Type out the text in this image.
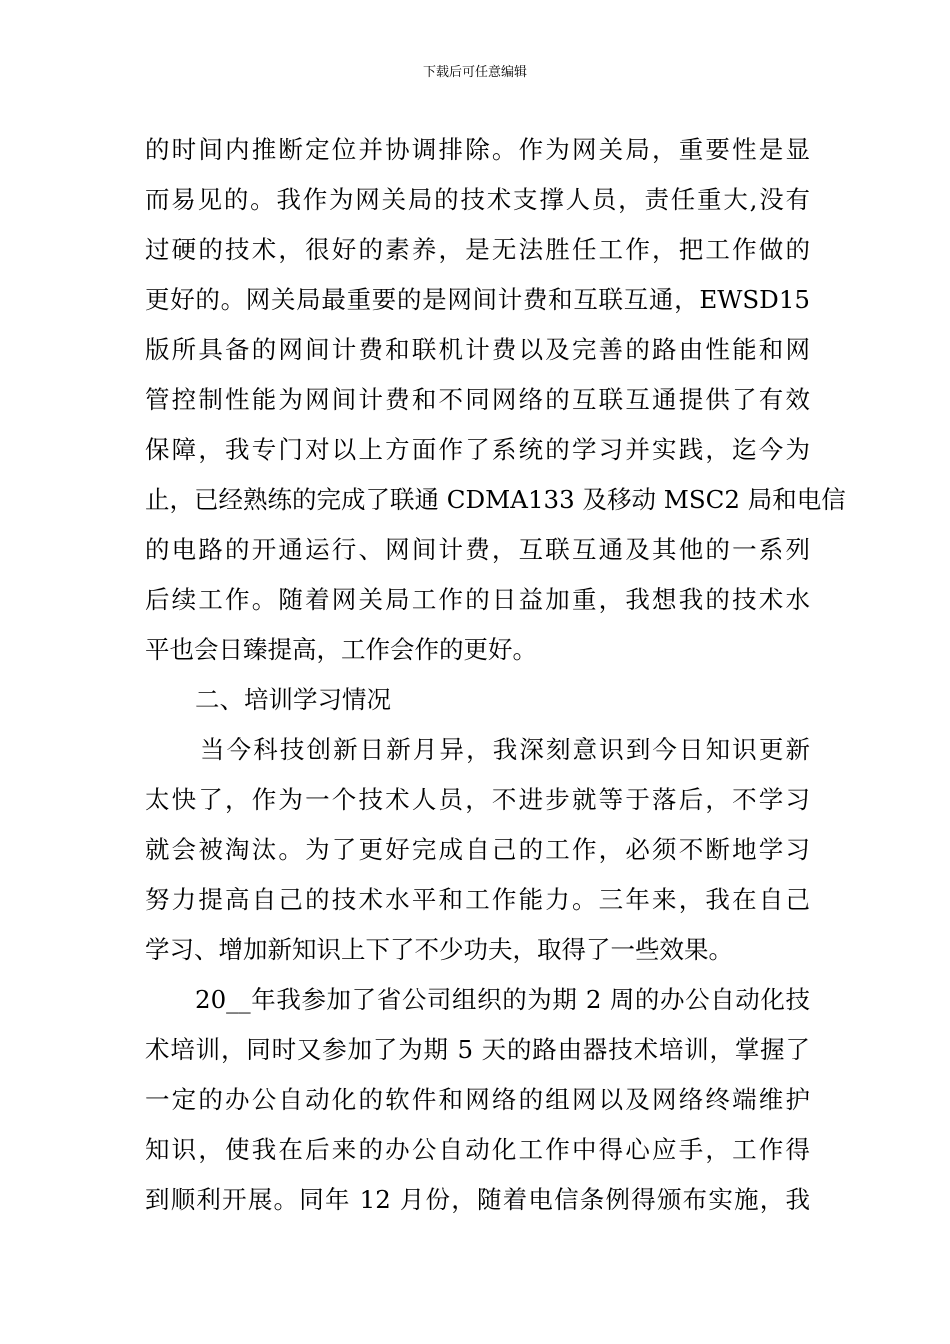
下载后可任意编辑
的时间内推断定位并协调排除。作为网关局，重要性是显
而易见的。我作为网关局的技术支撑人员，责任重大,没有
过硬的技术，很好的素养，是无法胜任工作，把工作做的
更好的。网关局最重要的是网间计费和互联互通，EWSD15
版所具备的网间计费和联机计费以及完善的路由性能和网
管控制性能为网间计费和不同网络的互联互通提供了有效
保障，我专门对以上方面作了系统的学习并实践，迄今为
止，已经熟练的完成了联通 CDMA133 及移动 MSC2 局和电信
的电路的开通运行、网间计费，互联互通及其他的一系列
后续工作。随着网关局工作的日益加重，我想我的技术水
平也会日臻提高，工作会作的更好。
二、培训学习情况
当今科技创新日新月异，我深刻意识到今日知识更新
太快了，作为一个技术人员，不进步就等于落后，不学习
就会被淘汰。为了更好完成自己的工作，必须不断地学习
努力提高自己的技术水平和工作能力。三年来，我在自己
学习、增加新知识上下了不少功夫，取得了一些效果。
20__年我参加了省公司组织的为期 2 周的办公自动化技
术培训，同时又参加了为期 5 天的路由器技术培训，掌握了
一定的办公自动化的软件和网络的组网以及网络终端维护
知识，使我在后来的办公自动化工作中得心应手，工作得
到顺利开展。同年 12 月份，随着电信条例得颁布实施，我
